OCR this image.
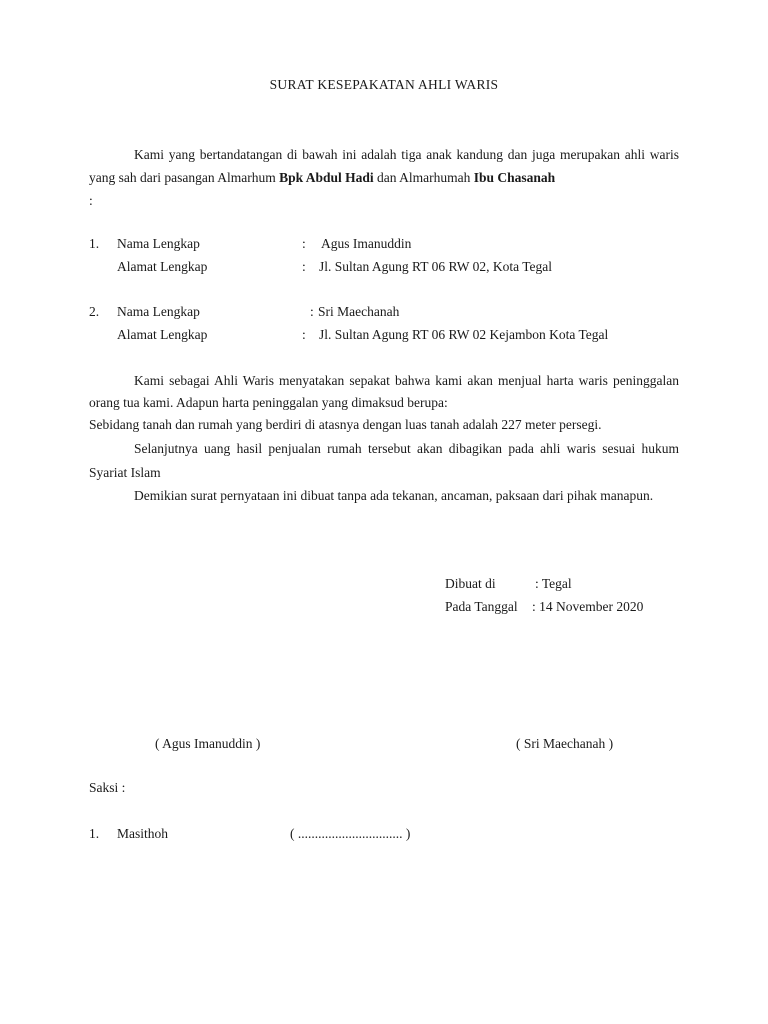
SURAT KESEPAKATAN AHLI WARIS
Kami yang bertandatangan di bawah ini adalah tiga anak kandung dan juga merupakan ahli waris yang sah dari pasangan Almarhum Bpk Abdul Hadi dan Almarhumah Ibu Chasanah
:
1. Nama Lengkap	: Agus Imanuddin
Alamat Lengkap	: Jl. Sultan Agung RT 06 RW 02, Kota Tegal
2. Nama Lengkap	: Sri Maechanah
Alamat Lengkap	: Jl. Sultan Agung RT 06 RW 02 Kejambon Kota Tegal
Kami sebagai Ahli Waris menyatakan sepakat bahwa kami akan menjual harta waris peninggalan orang tua kami. Adapun harta peninggalan yang dimaksud berupa:
Sebidang tanah dan rumah yang berdiri di atasnya dengan luas tanah adalah 227 meter persegi.
Selanjutnya uang hasil penjualan rumah tersebut akan dibagikan pada ahli waris sesuai hukum Syariat Islam
Demikian surat pernyataan ini dibuat tanpa ada tekanan, ancaman, paksaan dari pihak manapun.
Dibuat di	: Tegal
Pada Tanggal : 14 November 2020
( Agus Imanuddin )	( Sri Maechanah )
Saksi :
1. Masithoh	( ............................... )
